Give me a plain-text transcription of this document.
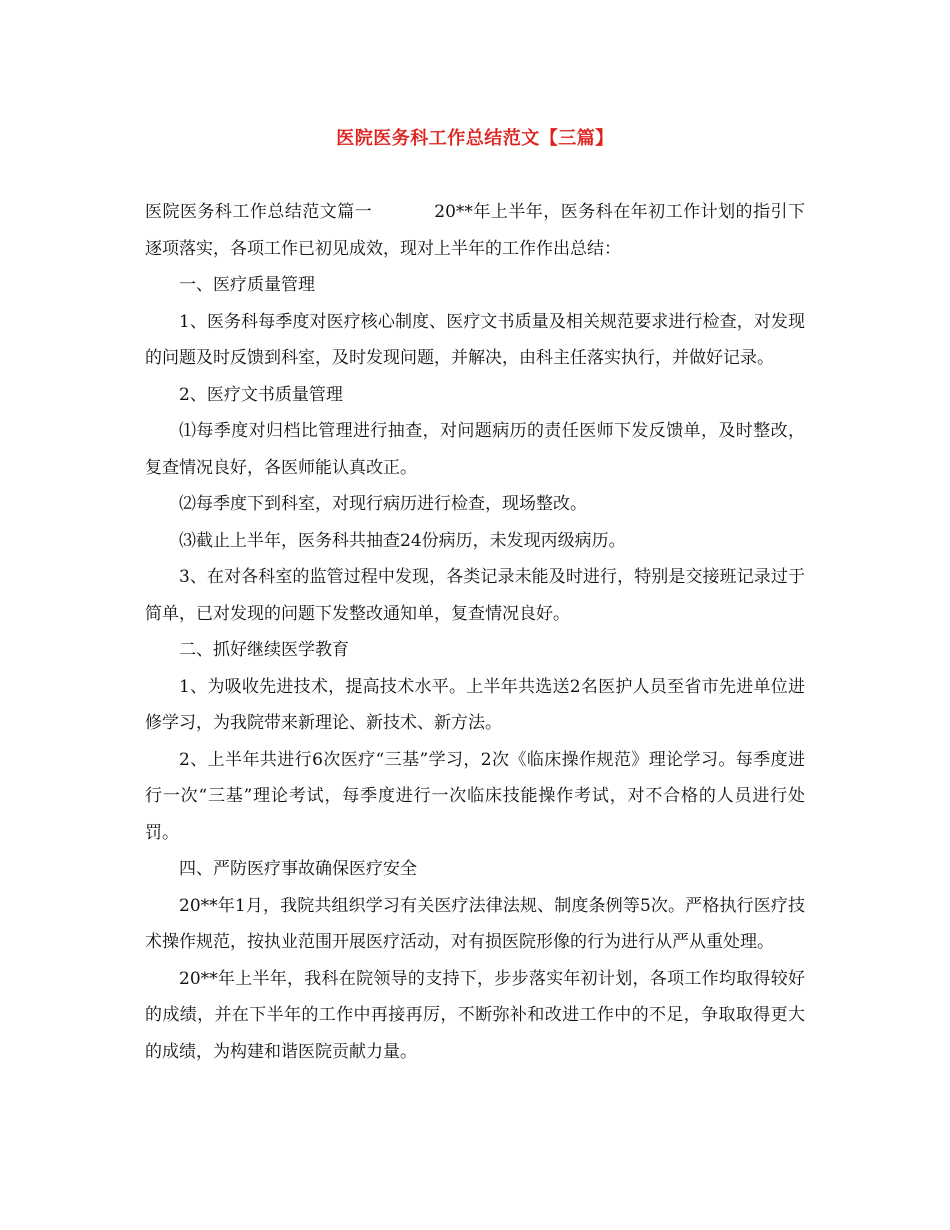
医院医务科工作总结范文【三篇】

医院医务科工作总结范文篇一	20**年上半年，医务科在年初工作计划的指引下逐项落实，各项工作已初见成效，现对上半年的工作作出总结：

一、医疗质量管理

1、医务科每季度对医疗核心制度、医疗文书质量及相关规范要求进行检查，对发现的问题及时反馈到科室，及时发现问题，并解决，由科主任落实执行，并做好记录。

2、医疗文书质量管理

⑴每季度对归档比管理进行抽查，对问题病历的责任医师下发反馈单，及时整改，复查情况良好，各医师能认真改正。

⑵每季度下到科室，对现行病历进行检查，现场整改。

⑶截止上半年，医务科共抽查24份病历，未发现丙级病历。

3、在对各科室的监管过程中发现，各类记录未能及时进行，特别是交接班记录过于简单，已对发现的问题下发整改通知单，复查情况良好。

二、抓好继续医学教育

1、为吸收先进技术，提高技术水平。上半年共选送2名医护人员至省市先进单位进修学习，为我院带来新理论、新技术、新方法。

2、上半年共进行6次医疗“三基”学习，2次《临床操作规范》理论学习。每季度进行一次“三基”理论考试，每季度进行一次临床技能操作考试，对不合格的人员进行处罚。

四、严防医疗事故确保医疗安全

20**年1月，我院共组织学习有关医疗法律法规、制度条例等5次。严格执行医疗技术操作规范，按执业范围开展医疗活动，对有损医院形像的行为进行从严从重处理。

20**年上半年，我科在院领导的支持下，步步落实年初计划，各项工作均取得较好的成绩，并在下半年的工作中再接再厉，不断弥补和改进工作中的不足，争取取得更大的成绩，为构建和谐医院贡献力量。
